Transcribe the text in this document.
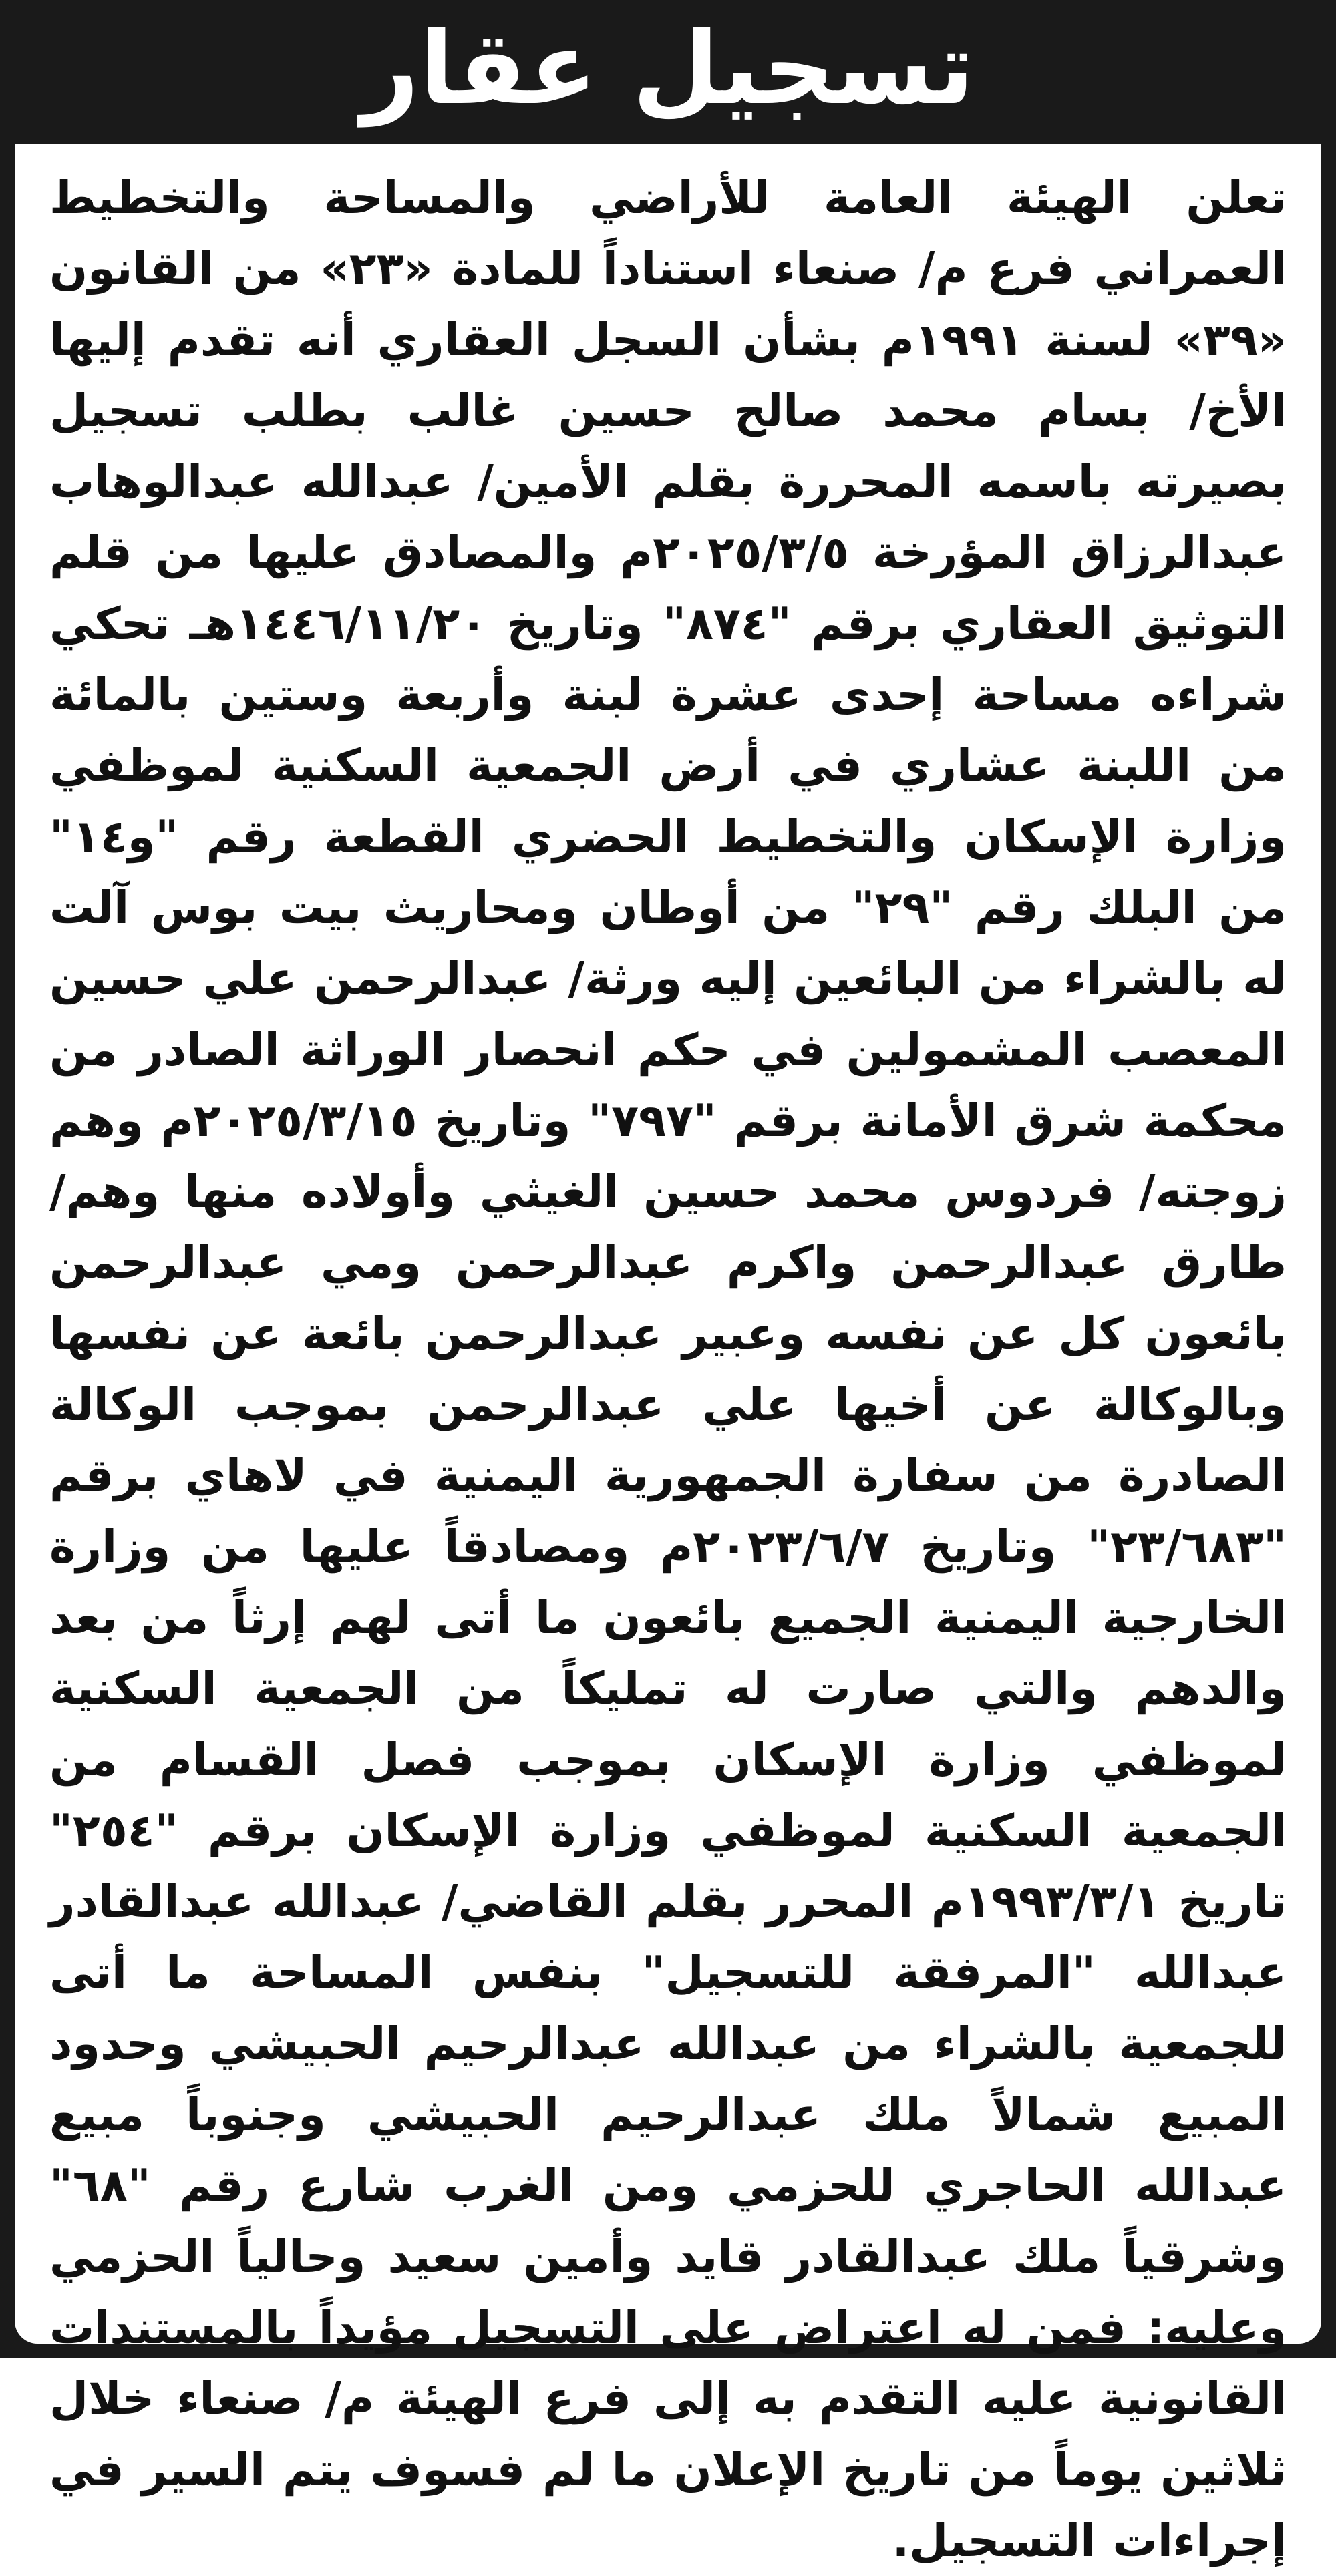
تسجيل عقار

تعلن الهيئة العامة للأراضي والمساحة والتخطيط العمراني فرع م/ صنعاء استناداً للمادة «٢٣» من القانون «٣٩» لسنة ١٩٩١م بشأن السجل العقاري أنه تقدم إليها الأخ/ بسام محمد صالح حسين غالب بطلب تسجيل بصيرته باسمه المحررة بقلم الأمين/ عبدالله عبدالوهاب عبدالرزاق المؤرخة ٢٠٢٥/٣/٥م والمصادق عليها من قلم التوثيق العقاري برقم "٨٧٤" وتاريخ ١٤٤٦/١١/٢٠هـ تحكي شراءه مساحة إحدى عشرة لبنة وأربعة وستين بالمائة من اللبنة عشاري في أرض الجمعية السكنية لموظفي وزارة الإسكان والتخطيط الحضري القطعة رقم "و١٤" من البلك رقم "٢٩" من أوطان ومحاريث بيت بوس آلت له بالشراء من البائعين إليه ورثة/ عبدالرحمن علي حسين المعصب المشمولين في حكم انحصار الوراثة الصادر من محكمة شرق الأمانة برقم "٧٩٧" وتاريخ ٢٠٢٥/٣/١٥م وهم زوجته/ فردوس محمد حسين الغيثي وأولاده منها وهم/ طارق عبدالرحمن واكرم عبدالرحمن ومي عبدالرحمن بائعون كل عن نفسه وعبير عبدالرحمن بائعة عن نفسها وبالوكالة عن أخيها علي عبدالرحمن بموجب الوكالة الصادرة من سفارة الجمهورية اليمنية في لاهاي برقم "٢٣/٦٨٣" وتاريخ ٢٠٢٣/٦/٧م ومصادقاً عليها من وزارة الخارجية اليمنية الجميع بائعون ما أتى لهم إرثاً من بعد والدهم والتي صارت له تمليكاً من الجمعية السكنية لموظفي وزارة الإسكان بموجب فصل القسام من الجمعية السكنية لموظفي وزارة الإسكان برقم "٢٥٤" تاريخ ١٩٩٣/٣/١م المحرر بقلم القاضي/ عبدالله عبدالقادر عبدالله "المرفقة للتسجيل" بنفس المساحة ما أتى للجمعية بالشراء من عبدالله عبدالرحيم الحبيشي وحدود المبيع شمالاً ملك عبدالرحيم الحبيشي وجنوباً مبيع عبدالله الحاجري للحزمي ومن الغرب شارع رقم "٦٨" وشرقياً ملك عبدالقادر قايد وأمين سعيد وحالياً الحزمي وعليه: فمن له اعتراض على التسجيل مؤيداً بالمستندات القانونية عليه التقدم به إلى فرع الهيئة م/ صنعاء خلال ثلاثين يوماً من تاريخ الإعلان ما لم فسوف يتم السير في إجراءات التسجيل.
